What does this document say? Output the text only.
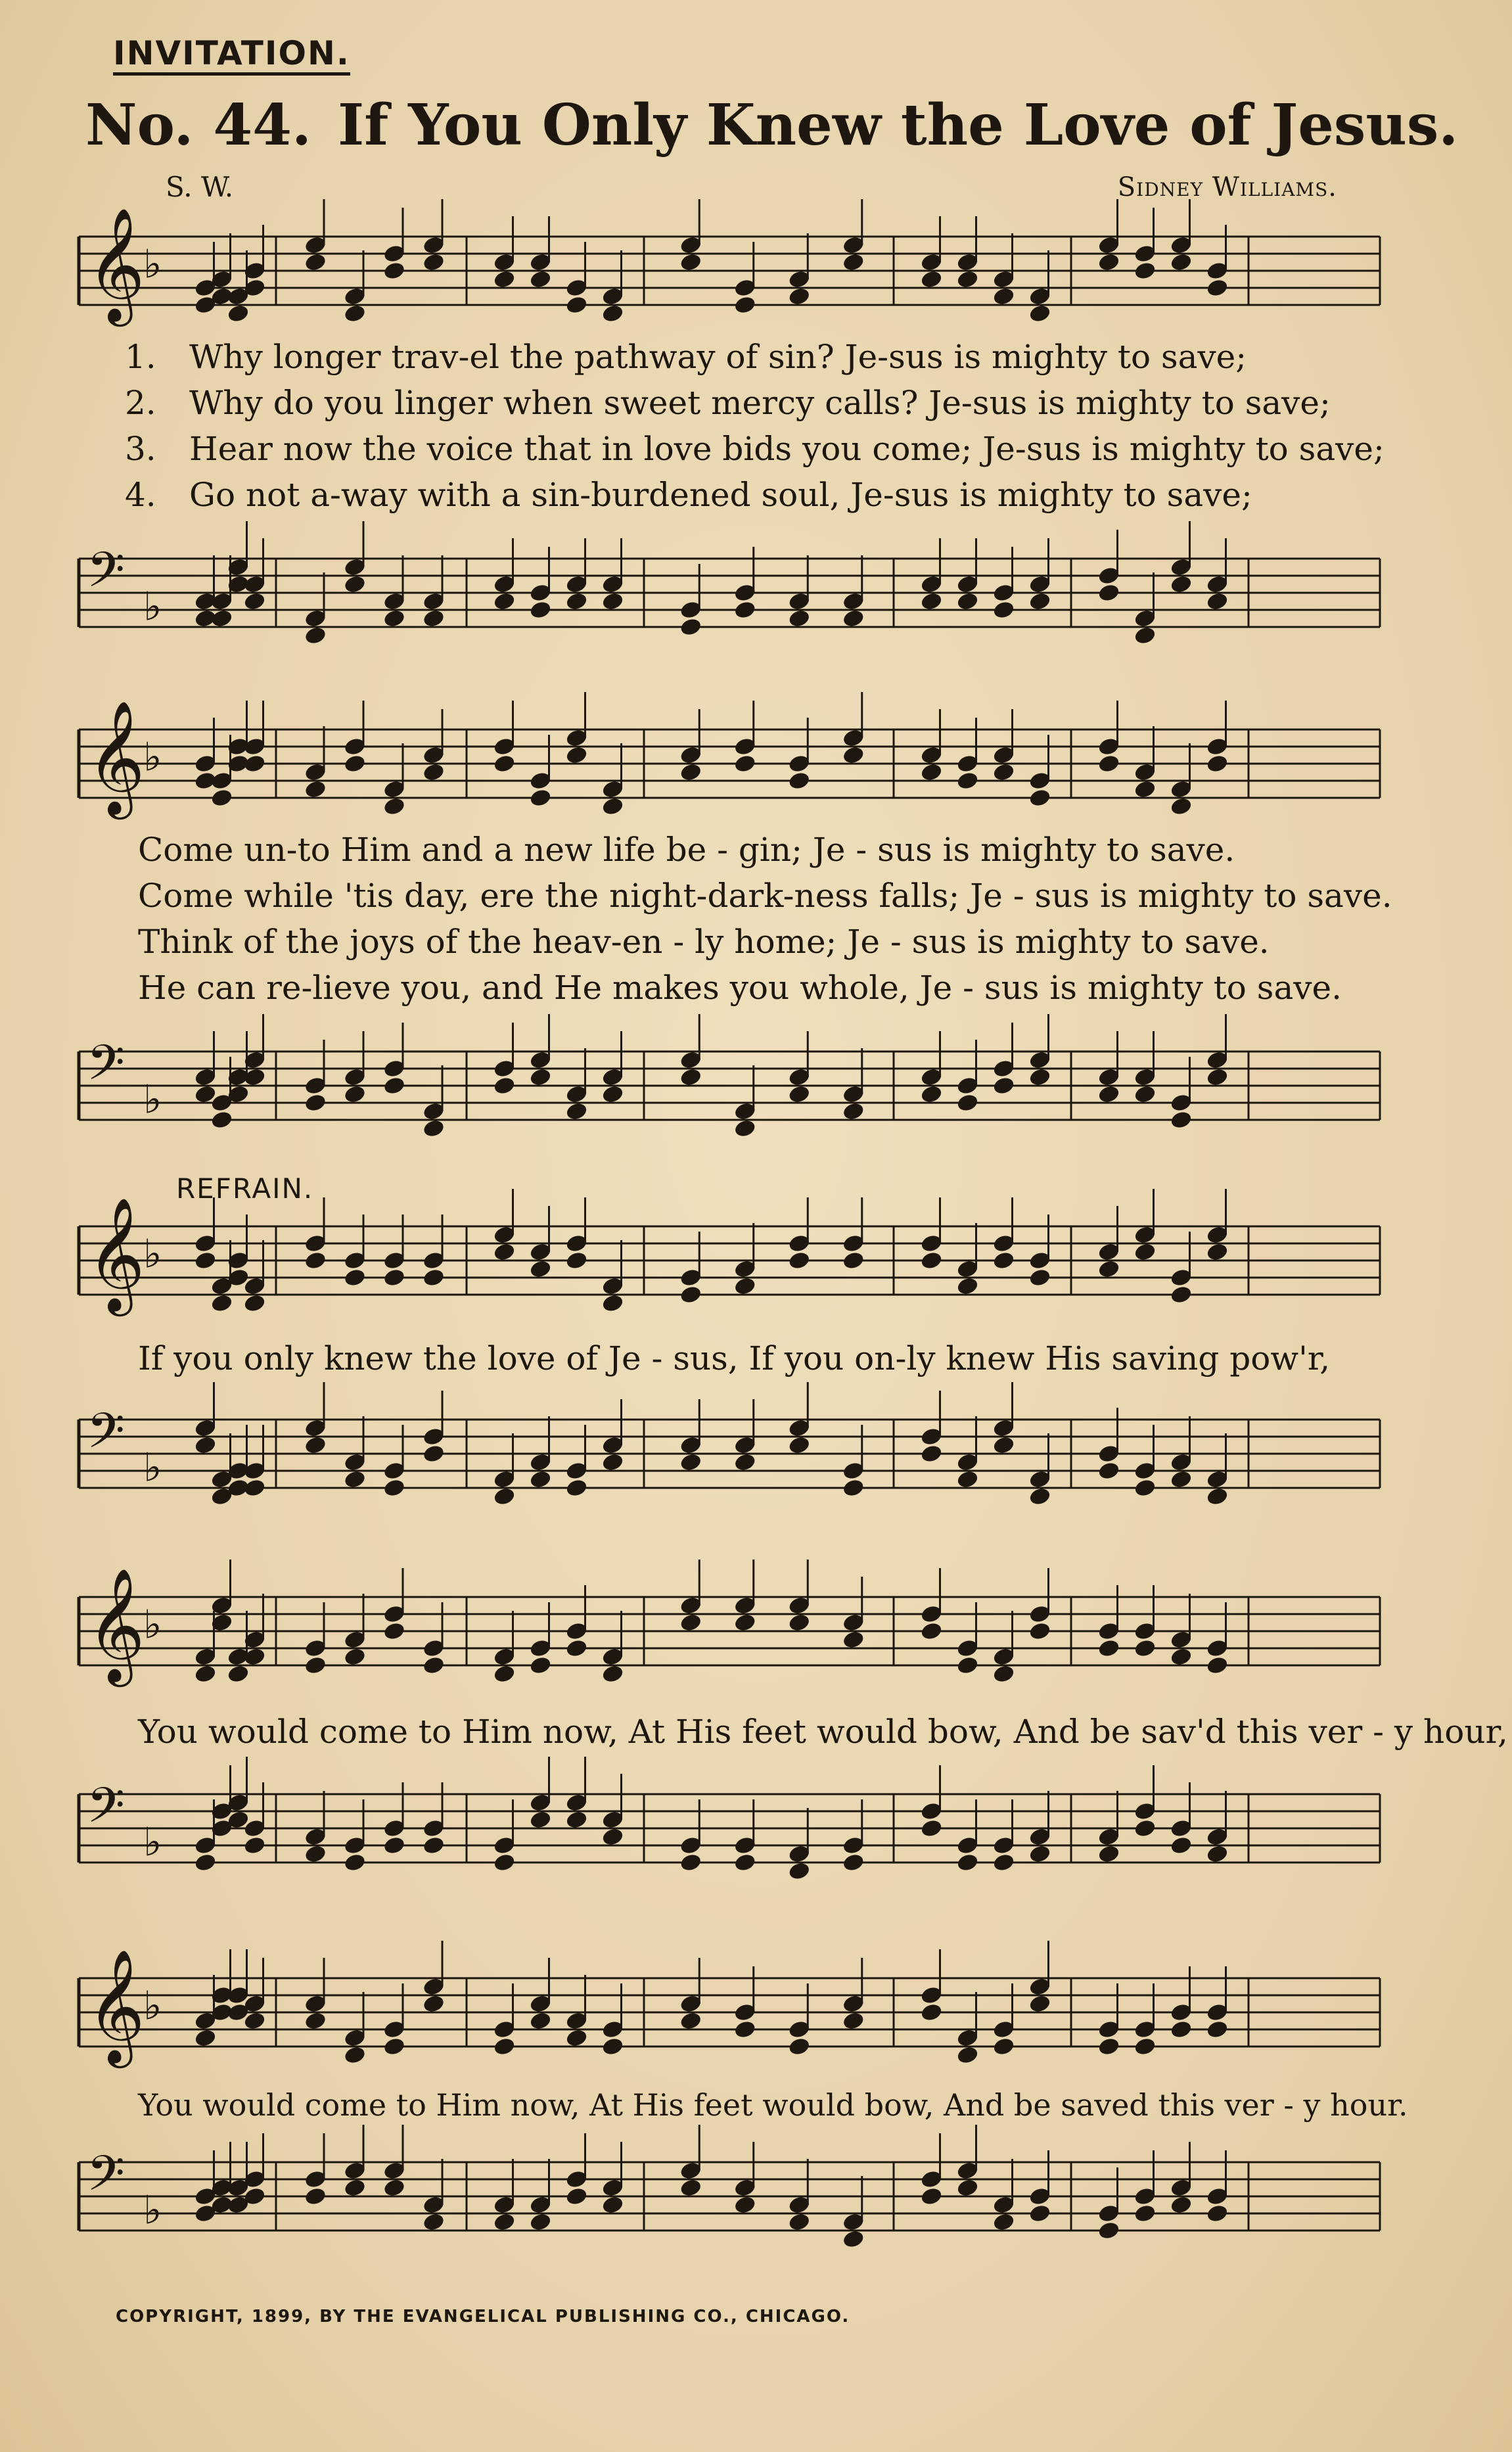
INVITATION.
No. 44. If You Only Knew the Love of Jesus.
S. W.	Sidney Williams.
𝄞
♭
𝄢 ♭
1. Why longer trav-el the pathway of sin? Je-sus is mighty to save;
2. Why do you linger when sweet mercy calls? Je-sus is mighty to save;
3. Hear now the voice that in love bids you come; Je-sus is mighty to save;
4. Go not a-way with a sin-burdened soul, Je-sus is mighty to save;
𝄞
♭
𝄢 ♭
Come un-to Him and a new life be - gin; Je - sus is mighty to save.
Come while 'tis day, ere the night-dark-ness falls; Je - sus is mighty to save.
Think of the joys of the heav-en - ly home; Je - sus is mighty to save.
He can re-lieve you, and He makes you whole, Je - sus is mighty to save.
REFRAIN.
𝄞
♭
If you only knew the love of Je - sus, If you on-ly knew His saving pow'r,
𝄢 ♭
𝄞
♭
You would come to Him now, At His feet would bow, And be sav'd this ver - y hour,
𝄢 ♭
𝄞
♭
You would come to Him now, At His feet would bow, And be saved this ver - y hour.
𝄢 ♭
COPYRIGHT, 1899, BY THE EVANGELICAL PUBLISHING CO., CHICAGO.
